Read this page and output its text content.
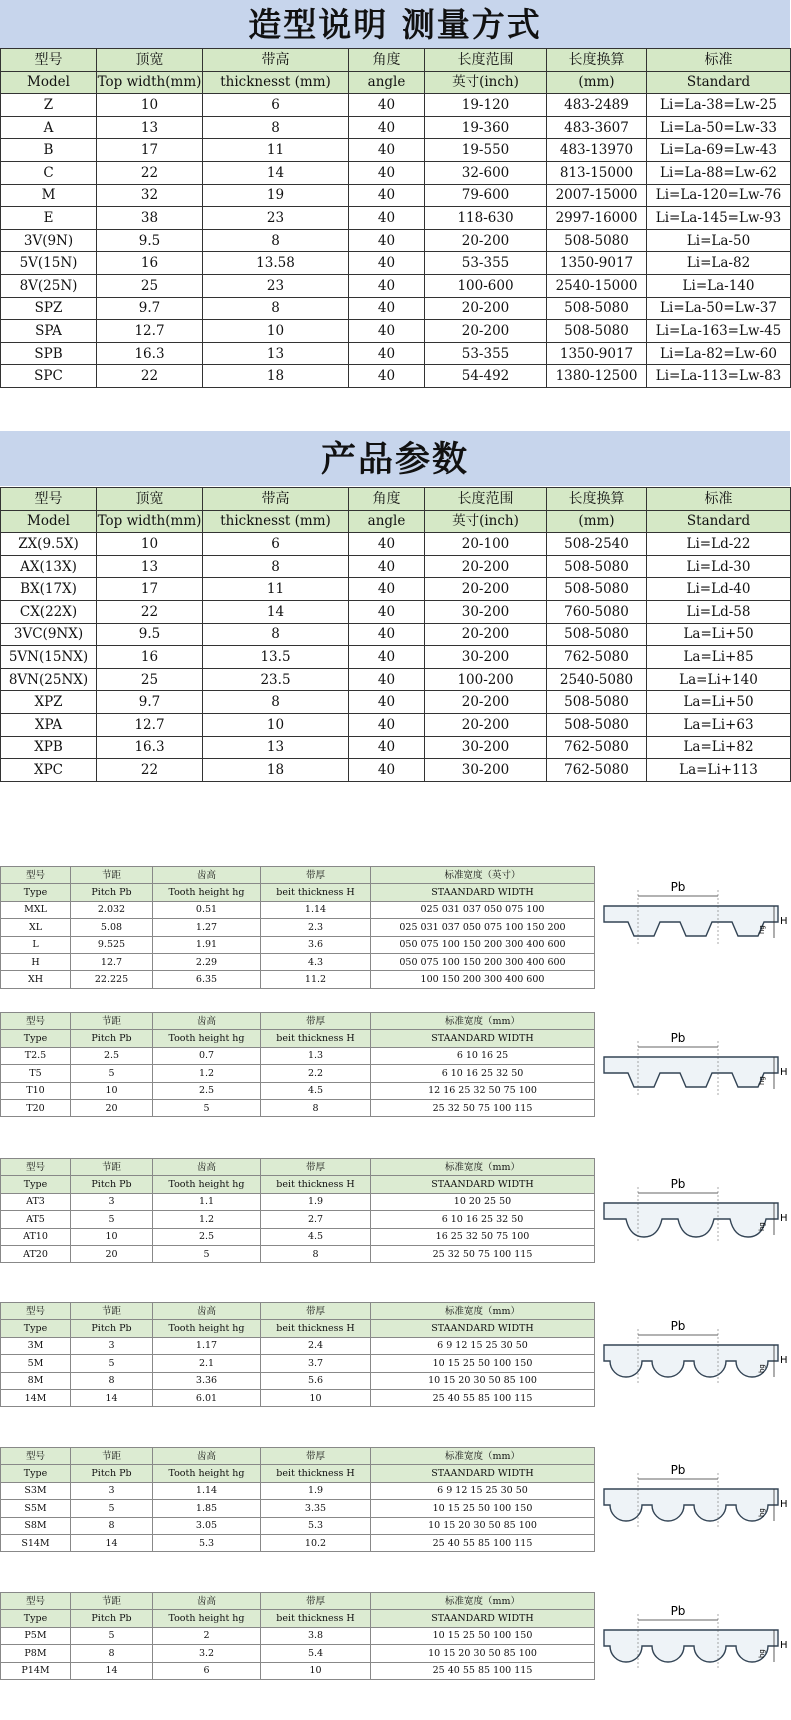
造型说明 测量方式
型号	顶宽	带高	角度	长度范围	长度换算	标准
Model	Top width(mm)	thicknesst (mm)	angle	英寸(inch)	(mm)	Standard
Z	10	6	40	19-120	483-2489	Li=La-38=Lw-25
A	13	8	40	19-360	483-3607	Li=La-50=Lw-33
B	17	11	40	19-550	483-13970	Li=La-69=Lw-43
C	22	14	40	32-600	813-15000	Li=La-88=Lw-62
M	32	19	40	79-600	2007-15000	Li=La-120=Lw-76
E	38	23	40	118-630	2997-16000	Li=La-145=Lw-93
3V(9N)	9.5	8	40	20-200	508-5080	Li=La-50
5V(15N)	16	13.58	40	53-355	1350-9017	Li=La-82
8V(25N)	25	23	40	100-600	2540-15000	Li=La-140
SPZ	9.7	8	40	20-200	508-5080	Li=La-50=Lw-37
SPA	12.7	10	40	20-200	508-5080	Li=La-163=Lw-45
SPB	16.3	13	40	53-355	1350-9017	Li=La-82=Lw-60
SPC	22	18	40	54-492	1380-12500	Li=La-113=Lw-83
产品参数
型号	顶宽	带高	角度	长度范围	长度换算	标准
Model	Top width(mm)	thicknesst (mm)	angle	英寸(inch)	(mm)	Standard
ZX(9.5X)	10	6	40	20-100	508-2540	Li=Ld-22
AX(13X)	13	8	40	20-200	508-5080	Li=Ld-30
BX(17X)	17	11	40	20-200	508-5080	Li=Ld-40
CX(22X)	22	14	40	30-200	760-5080	Li=Ld-58
3VC(9NX)	9.5	8	40	20-200	508-5080	La=Li+50
5VN(15NX)	16	13.5	40	30-200	762-5080	La=Li+85
8VN(25NX)	25	23.5	40	100-200	2540-5080	La=Li+140
XPZ	9.7	8	40	20-200	508-5080	La=Li+50
XPA	12.7	10	40	20-200	508-5080	La=Li+63
XPB	16.3	13	40	30-200	762-5080	La=Li+82
XPC	22	18	40	30-200	762-5080	La=Li+113
型号	节距	齿高	带厚	标准宽度（英寸）
Type	Pitch Pb	Tooth height hg	beit thickness H	STAANDARD WIDTH
MXL	2.032	0.51	1.14	025 031 037 050 075 100
XL	5.08	1.27	2.3	025 031 037 050 075 100 150 200
L	9.525	1.91	3.6	050 075 100 150 200 300 400 600
H	12.7	2.29	4.3	050 075 100 150 200 300 400 600
XH	22.225	6.35	11.2	100 150 200 300 400 600
Pb
H
hg
型号	节距	齿高	带厚	标准宽度（mm）
Type	Pitch Pb	Tooth height hg	beit thickness H	STAANDARD WIDTH
T2.5	2.5	0.7	1.3	6 10 16 25
T5	5	1.2	2.2	6 10 16 25 32 50
T10	10	2.5	4.5	12 16 25 32 50 75 100
T20	20	5	8	25 32 50 75 100 115
Pb
H
hg
型号	节距	齿高	带厚	标准宽度（mm）
Type	Pitch Pb	Tooth height hg	beit thickness H	STAANDARD WIDTH
AT3	3	1.1	1.9	10 20 25 50
AT5	5	1.2	2.7	6 10 16 25 32 50
AT10	10	2.5	4.5	16 25 32 50 75 100
AT20	20	5	8	25 32 50 75 100 115
Pb
H
hg
型号	节距	齿高	带厚	标准宽度（mm）
Type	Pitch Pb	Tooth height hg	beit thickness H	STAANDARD WIDTH
3M	3	1.17	2.4	6 9 12 15 25 30 50
5M	5	2.1	3.7	10 15 25 50 100 150
8M	8	3.36	5.6	10 15 20 30 50 85 100
14M	14	6.01	10	25 40 55 85 100 115
Pb
H
hg
型号	节距	齿高	带厚	标准宽度（mm）
Type	Pitch Pb	Tooth height hg	beit thickness H	STAANDARD WIDTH
S3M	3	1.14	1.9	6 9 12 15 25 30 50
S5M	5	1.85	3.35	10 15 25 50 100 150
S8M	8	3.05	5.3	10 15 20 30 50 85 100
S14M	14	5.3	10.2	25 40 55 85 100 115
Pb
H
hg
型号	节距	齿高	带厚	标准宽度（mm）
Type	Pitch Pb	Tooth height hg	beit thickness H	STAANDARD WIDTH
P5M	5	2	3.8	10 15 25 50 100 150
P8M	8	3.2	5.4	10 15 20 30 50 85 100
P14M	14	6	10	25 40 55 85 100 115
Pb
H
hg
